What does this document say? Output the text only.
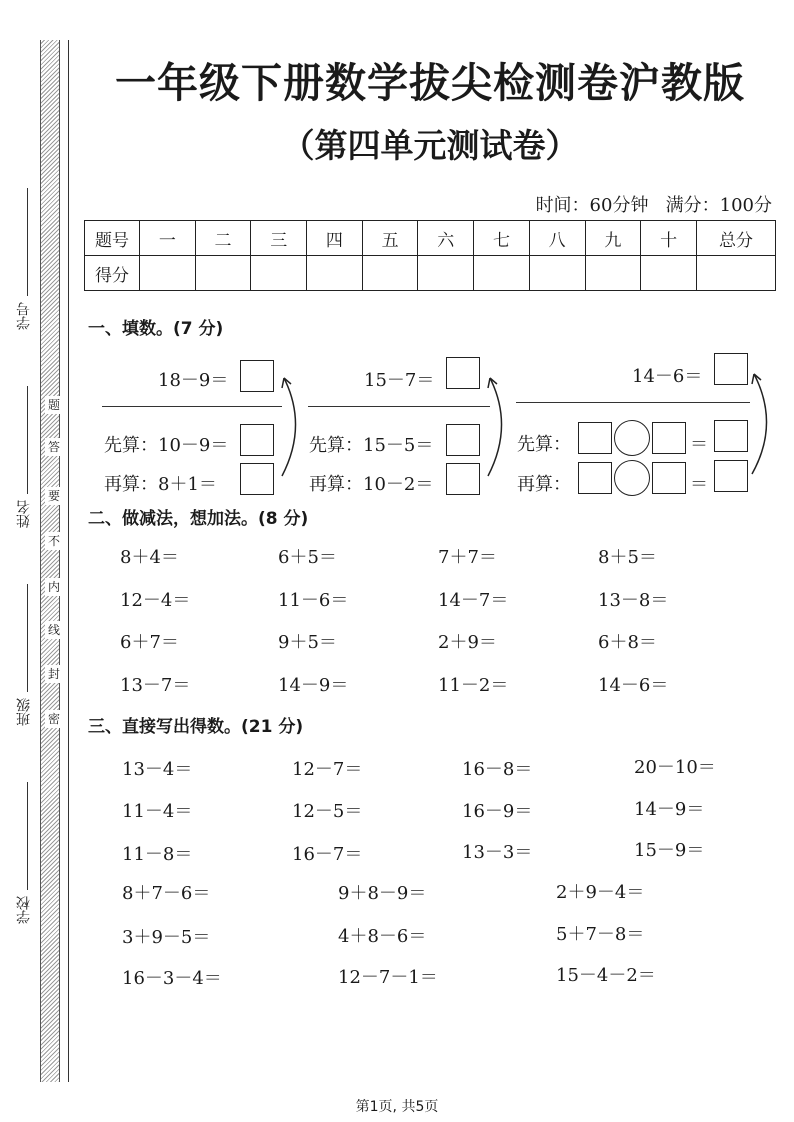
学号
姓名
班级
学校
题
答
要
不
内
线
封
密
一年级下册数学拔尖检测卷沪教版
（第四单元测试卷）
时间：60分钟 满分：100分
题号	一	二	三	四	五	六	七	八	九	十	总分
得分											
一、填数。(7 分)
18－9＝
先算：10－9＝
再算：8＋1＝
15－7＝
先算：15－5＝
再算：10－2＝
14－6＝
先算：	＝
再算：	＝
二、做减法，想加法。(8 分)
8＋4＝	6＋5＝	7＋7＝	8＋5＝
12－4＝	11－6＝	14－7＝	13－8＝
6＋7＝	9＋5＝	2＋9＝	6＋8＝
13－7＝	14－9＝	11－2＝	14－6＝
三、直接写出得数。(21 分)
13－4＝	12－7＝	16－8＝	20－10＝
11－4＝	12－5＝	16－9＝	14－9＝
11－8＝	16－7＝	13－3＝	15－9＝
8＋7－6＝	9＋8－9＝	2＋9－4＝
3＋9－5＝	4＋8－6＝	5＋7－8＝
16－3－4＝	12－7－1＝	15－4－2＝
第1页, 共5页
